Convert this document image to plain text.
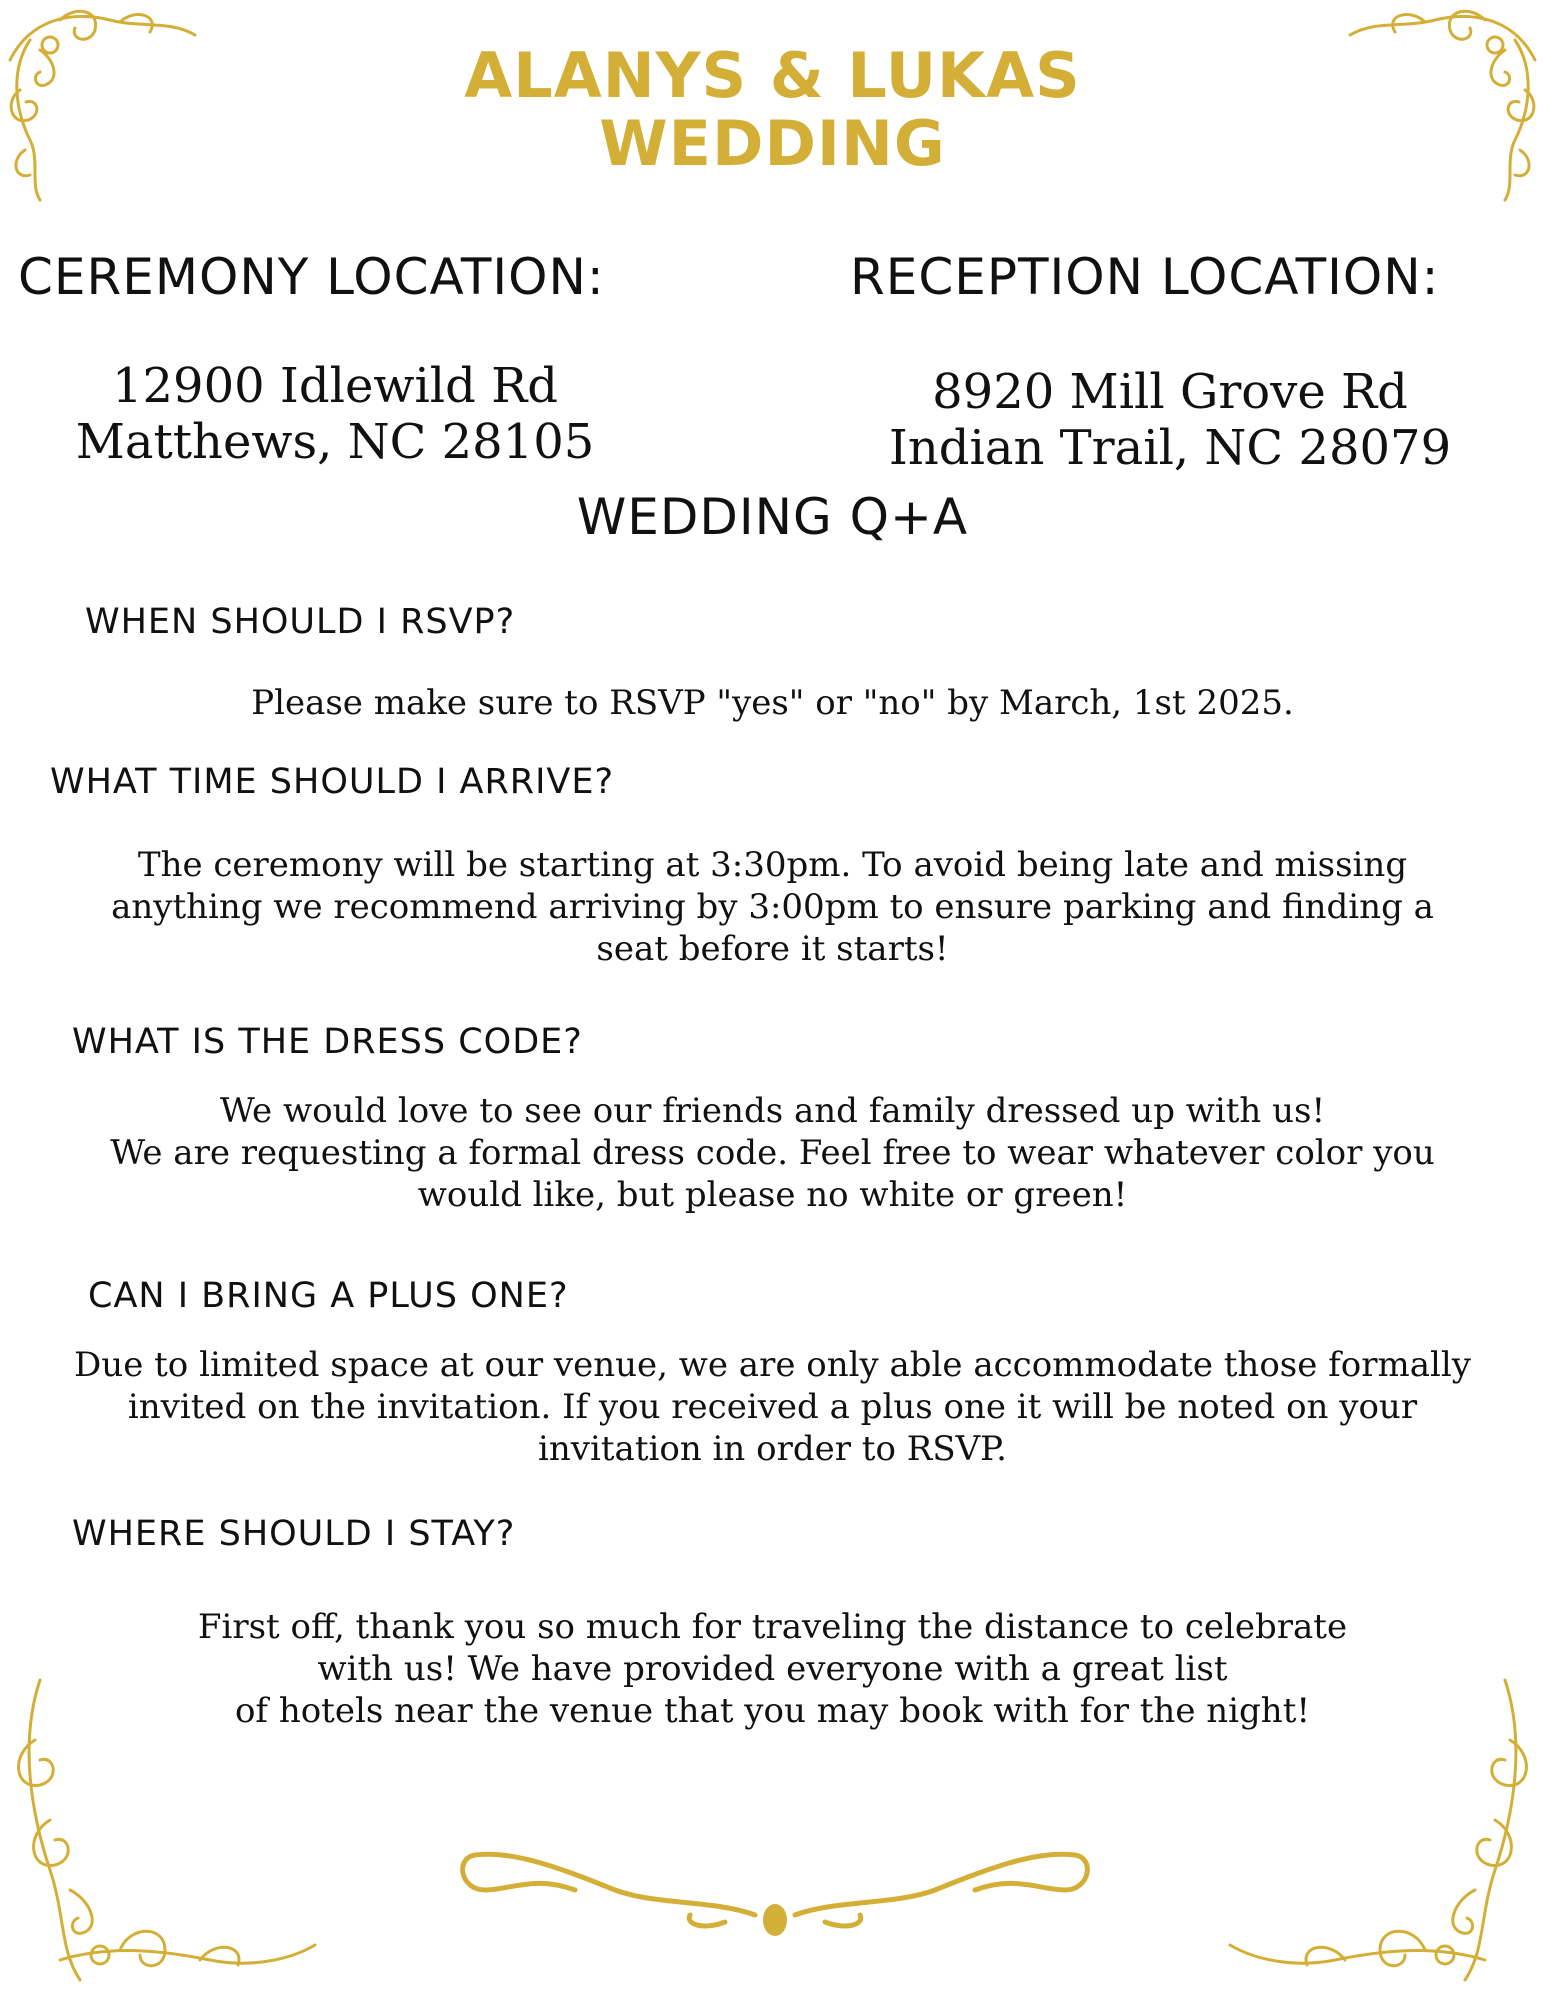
ALANYS & LUKAS
WEDDING
CEREMONY LOCATION:	RECEPTION LOCATION:
12900 Idlewild Rd
Matthews, NC 28105
8920 Mill Grove Rd
Indian Trail, NC 28079
WEDDING Q+A
WHEN SHOULD I RSVP?
Please make sure to RSVP "yes" or "no" by March, 1st 2025.
WHAT TIME SHOULD I ARRIVE?
The ceremony will be starting at 3:30pm. To avoid being late and missing
anything we recommend arriving by 3:00pm to ensure parking and finding a
seat before it starts!
WHAT IS THE DRESS CODE?
We would love to see our friends and family dressed up with us!
We are requesting a formal dress code. Feel free to wear whatever color you
would like, but please no white or green!
CAN I BRING A PLUS ONE?
Due to limited space at our venue, we are only able accommodate those formally
invited on the invitation. If you received a plus one it will be noted on your
invitation in order to RSVP.
WHERE SHOULD I STAY?
First off, thank you so much for traveling the distance to celebrate
with us! We have provided everyone with a great list
of hotels near the venue that you may book with for the night!
